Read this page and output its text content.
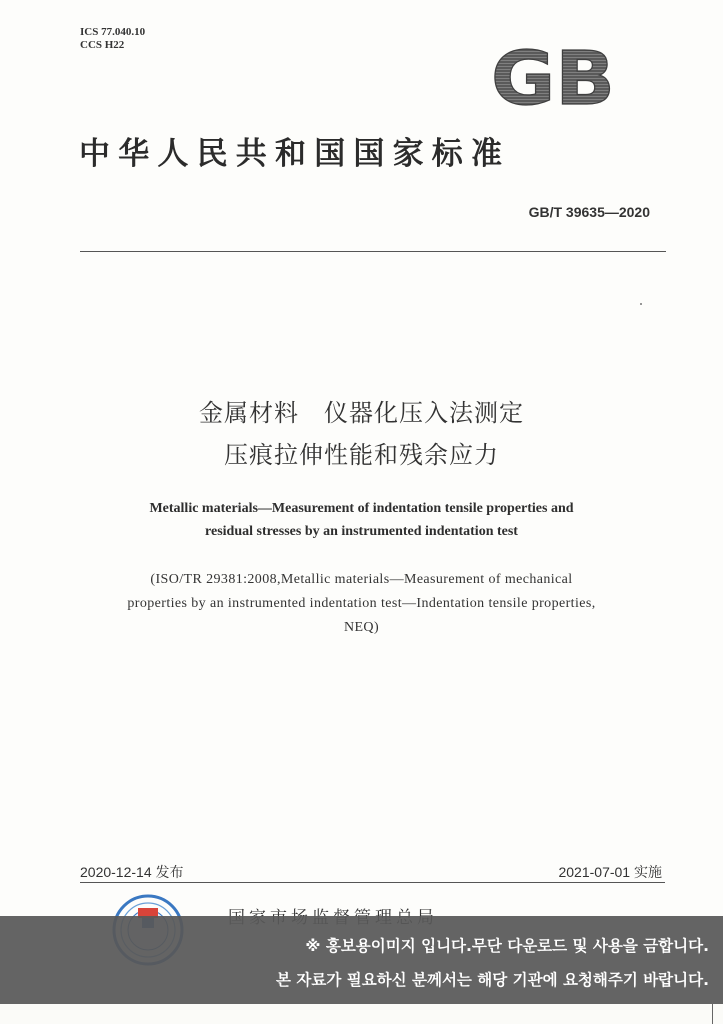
ICS 77.040.10
CCS H22	GB
中华人民共和国国家标准
GB/T 39635—2020
金属材料　仪器化压入法测定
压痕拉伸性能和残余应力
Metallic materials—Measurement of indentation tensile properties and
residual stresses by an instrumented indentation test
(ISO/TR 29381:2008,Metallic materials—Measurement of mechanical
properties by an instrumented indentation test—Indentation tensile properties,
NEQ)
2020-12-14 发布	2021-07-01 实施
※ 홍보용이미지 입니다.무단 다운로드 및 사용을 금합니다.
본 자료가 필요하신 분께서는 해당 기관에 요청해주기 바랍니다.
